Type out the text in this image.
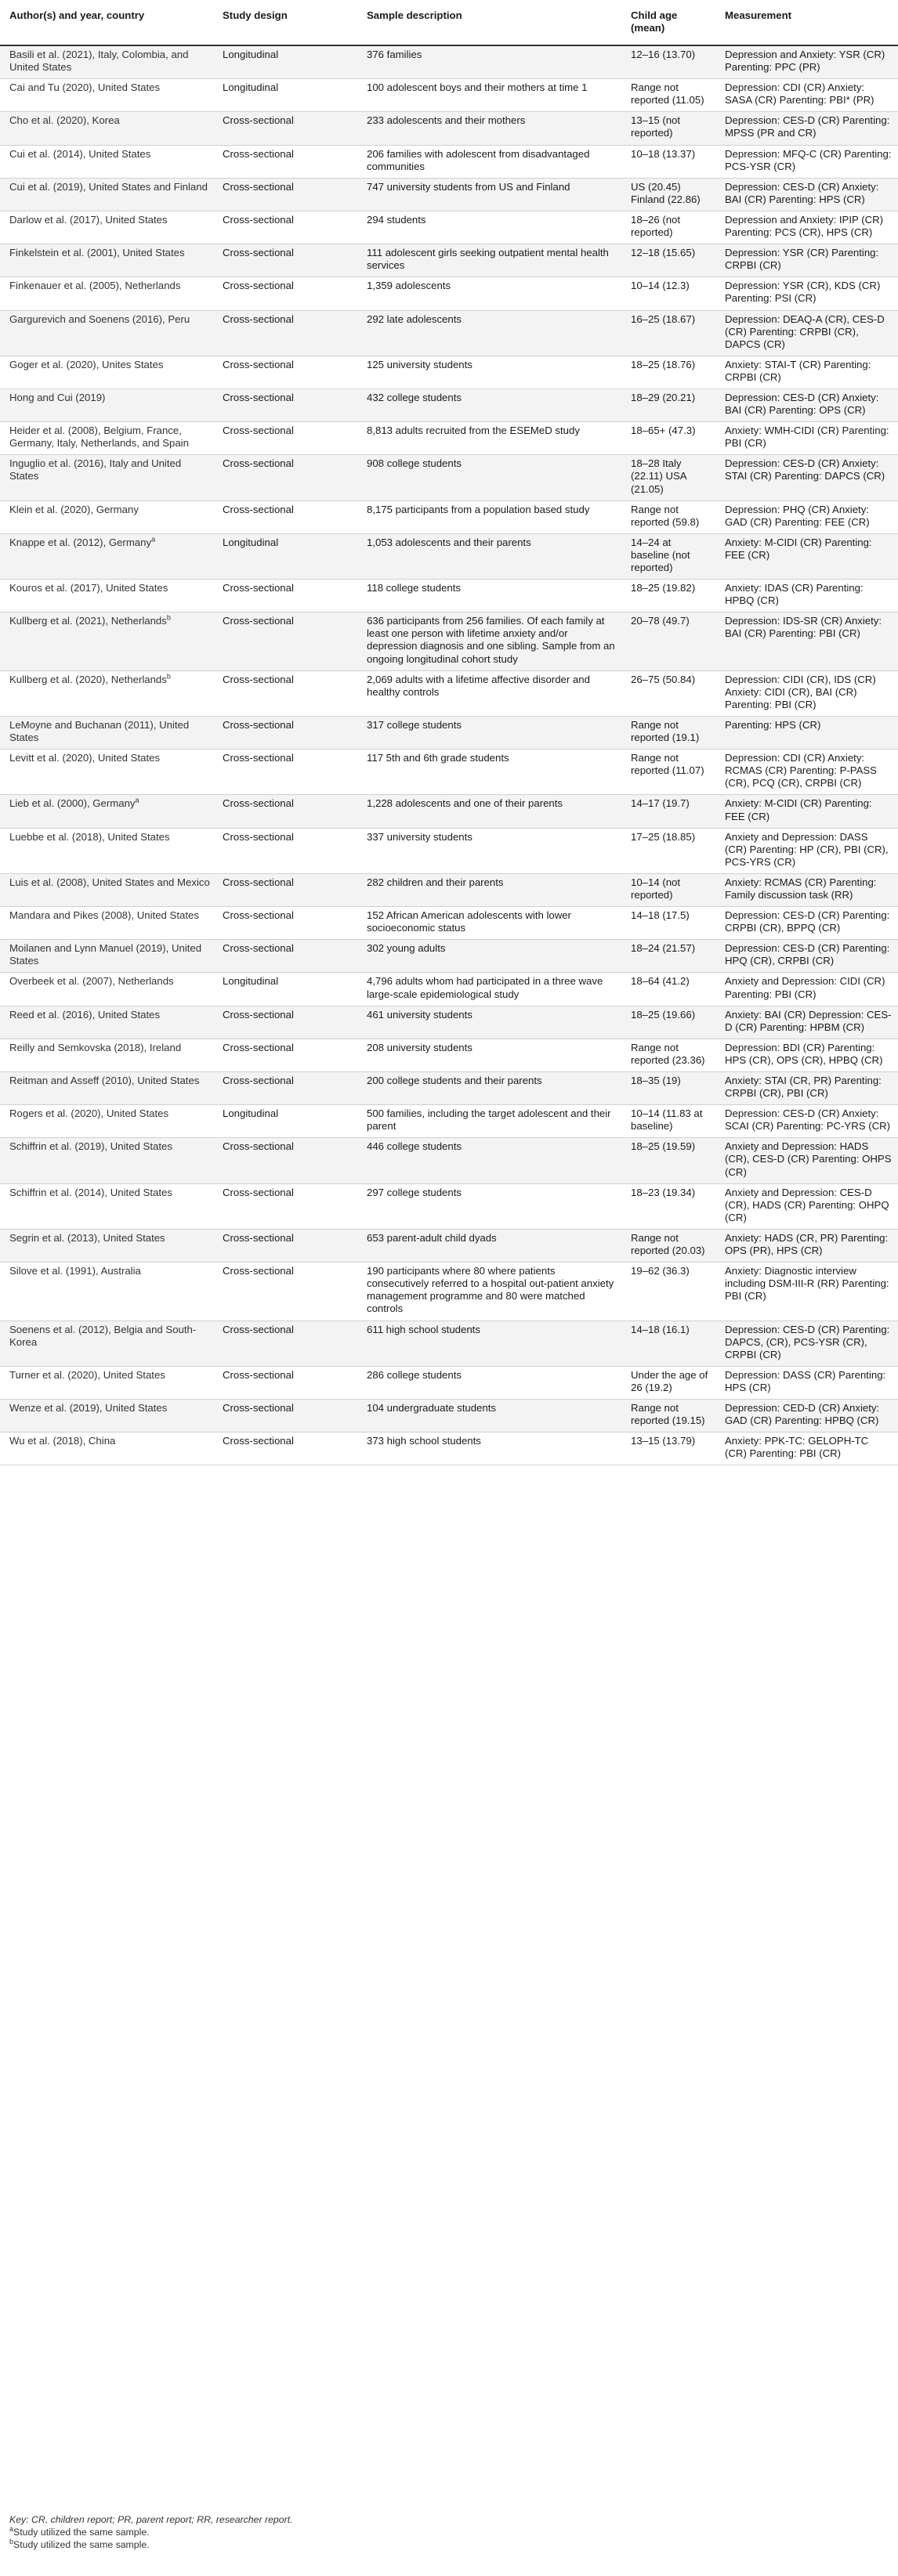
Author(s) and year, country	Study design	Sample description	Child age (mean)	Measurement
Basili et al. (2021), Italy, Colombia, and United States	Longitudinal	376 families	12–16 (13.70)	Depression and Anxiety: YSR (CR) Parenting: PPC (PR)
Cai and Tu (2020), United States	Longitudinal	100 adolescent boys and their mothers at time 1	Range not reported (11.05)	Depression: CDI (CR) Anxiety: SASA (CR) Parenting: PBI* (PR)
Cho et al. (2020), Korea	Cross-sectional	233 adolescents and their mothers	13–15 (not reported)	Depression: CES-D (CR) Parenting: MPSS (PR and CR)
Cui et al. (2014), United States	Cross-sectional	206 families with adolescent from disadvantaged communities	10–18 (13.37)	Depression: MFQ-C (CR) Parenting: PCS-YSR (CR)
Cui et al. (2019), United States and Finland	Cross-sectional	747 university students from US and Finland	US (20.45) Finland (22.86)	Depression: CES-D (CR) Anxiety: BAI (CR) Parenting: HPS (CR)
Darlow et al. (2017), United States	Cross-sectional	294 students	18–26 (not reported)	Depression and Anxiety: IPIP (CR) Parenting: PCS (CR), HPS (CR)
Finkelstein et al. (2001), United States	Cross-sectional	111 adolescent girls seeking outpatient mental health services	12–18 (15.65)	Depression: YSR (CR) Parenting: CRPBI (CR)
Finkenauer et al. (2005), Netherlands	Cross-sectional	1,359 adolescents	10–14 (12.3)	Depression: YSR (CR), KDS (CR) Parenting: PSI (CR)
Gargurevich and Soenens (2016), Peru	Cross-sectional	292 late adolescents	16–25 (18.67)	Depression: DEAQ-A (CR), CES-D (CR) Parenting: CRPBI (CR), DAPCS (CR)
Goger et al. (2020), Unites States	Cross-sectional	125 university students	18–25 (18.76)	Anxiety: STAI-T (CR) Parenting: CRPBI (CR)
Hong and Cui (2019)	Cross-sectional	432 college students	18–29 (20.21)	Depression: CES-D (CR) Anxiety: BAI (CR) Parenting: OPS (CR)
Heider et al. (2008), Belgium, France, Germany, Italy, Netherlands, and Spain	Cross-sectional	8,813 adults recruited from the ESEMeD study	18–65+ (47.3)	Anxiety: WMH-CIDI (CR) Parenting: PBI (CR)
Inguglio et al. (2016), Italy and United States	Cross-sectional	908 college students	18–28 Italy (22.11) USA (21.05)	Depression: CES-D (CR) Anxiety: STAI (CR) Parenting: DAPCS (CR)
Klein et al. (2020), Germany	Cross-sectional	8,175 participants from a population based study	Range not reported (59.8)	Depression: PHQ (CR) Anxiety: GAD (CR) Parenting: FEE (CR)
Knappe et al. (2012), Germany$^a$	Longitudinal	1,053 adolescents and their parents	14–24 at baseline (not reported)	Anxiety: M-CIDI (CR) Parenting: FEE (CR)
Kouros et al. (2017), United States	Cross-sectional	118 college students	18–25 (19.82)	Anxiety: IDAS (CR) Parenting: HPBQ (CR)
Kullberg et al. (2021), Netherlands$^b$	Cross-sectional	636 participants from 256 families. Of each family at least one person with lifetime anxiety and/or depression diagnosis and one sibling. Sample from an ongoing longitudinal cohort study	20–78 (49.7)	Depression: IDS-SR (CR) Anxiety: BAI (CR) Parenting: PBI (CR)
Kullberg et al. (2020), Netherlands$^b$	Cross-sectional	2,069 adults with a lifetime affective disorder and healthy controls	26–75 (50.84)	Depression: CIDI (CR), IDS (CR) Anxiety: CIDI (CR), BAI (CR) Parenting: PBI (CR)
LeMoyne and Buchanan (2011), United States	Cross-sectional	317 college students	Range not reported (19.1)	Parenting: HPS (CR)
Levitt et al. (2020), United States	Cross-sectional	117 5th and 6th grade students	Range not reported (11.07)	Depression: CDI (CR) Anxiety: RCMAS (CR) Parenting: P-PASS (CR), PCQ (CR), CRPBI (CR)
Lieb et al. (2000), Germany$^a$	Cross-sectional	1,228 adolescents and one of their parents	14–17 (19.7)	Anxiety: M-CIDI (CR) Parenting: FEE (CR)
Luebbe et al. (2018), United States	Cross-sectional	337 university students	17–25 (18.85)	Anxiety and Depression: DASS (CR) Parenting: HP (CR), PBI (CR), PCS-YRS (CR)
Luis et al. (2008), United States and Mexico	Cross-sectional	282 children and their parents	10–14 (not reported)	Anxiety: RCMAS (CR) Parenting: Family discussion task (RR)
Mandara and Pikes (2008), United States	Cross-sectional	152 African American adolescents with lower socioeconomic status	14–18 (17.5)	Depression: CES-D (CR) Parenting: CRPBI (CR), BPPQ (CR)
Moilanen and Lynn Manuel (2019), United States	Cross-sectional	302 young adults	18–24 (21.57)	Depression: CES-D (CR) Parenting: HPQ (CR), CRPBI (CR)
Overbeek et al. (2007), Netherlands	Longitudinal	4,796 adults whom had participated in a three wave large-scale epidemiological study	18–64 (41.2)	Anxiety and Depression: CIDI (CR) Parenting: PBI (CR)
Reed et al. (2016), United States	Cross-sectional	461 university students	18–25 (19.66)	Anxiety: BAI (CR) Depression: CES-D (CR) Parenting: HPBM (CR)
Reilly and Semkovska (2018), Ireland	Cross-sectional	208 university students	Range not reported (23.36)	Depression: BDI (CR) Parenting: HPS (CR), OPS (CR), HPBQ (CR)
Reitman and Asseff (2010), United States	Cross-sectional	200 college students and their parents	18–35 (19)	Anxiety: STAI (CR, PR) Parenting: CRPBI (CR), PBI (CR)
Rogers et al. (2020), United States	Longitudinal	500 families, including the target adolescent and their parent	10–14 (11.83 at baseline)	Depression: CES-D (CR) Anxiety: SCAI (CR) Parenting: PC-YRS (CR)
Schiffrin et al. (2019), United States	Cross-sectional	446 college students	18–25 (19.59)	Anxiety and Depression: HADS (CR), CES-D (CR) Parenting: OHPS (CR)
Schiffrin et al. (2014), United States	Cross-sectional	297 college students	18–23 (19.34)	Anxiety and Depression: CES-D (CR), HADS (CR) Parenting: OHPQ (CR)
Segrin et al. (2013), United States	Cross-sectional	653 parent-adult child dyads	Range not reported (20.03)	Anxiety: HADS (CR, PR) Parenting: OPS (PR), HPS (CR)
Silove et al. (1991), Australia	Cross-sectional	190 participants where 80 where patients consecutively referred to a hospital out-patient anxiety management programme and 80 were matched controls	19–62 (36.3)	Anxiety: Diagnostic interview including DSM-III-R (RR) Parenting: PBI (CR)
Soenens et al. (2012), Belgia and South-Korea	Cross-sectional	611 high school students	14–18 (16.1)	Depression: CES-D (CR) Parenting: DAPCS, (CR), PCS-YSR (CR), CRPBI (CR)
Turner et al. (2020), United States	Cross-sectional	286 college students	Under the age of 26 (19.2)	Depression: DASS (CR) Parenting: HPS (CR)
Wenze et al. (2019), United States	Cross-sectional	104 undergraduate students	Range not reported (19.15)	Depression: CED-D (CR) Anxiety: GAD (CR) Parenting: HPBQ (CR)
Wu et al. (2018), China	Cross-sectional	373 high school students	13–15 (13.79)	Anxiety: PPK-TC: GELOPH-TC (CR) Parenting: PBI (CR)
Key: CR, children report; PR, parent report; RR, researcher report.
$^a$Study utilized the same sample.
$^b$Study utilized the same sample.
